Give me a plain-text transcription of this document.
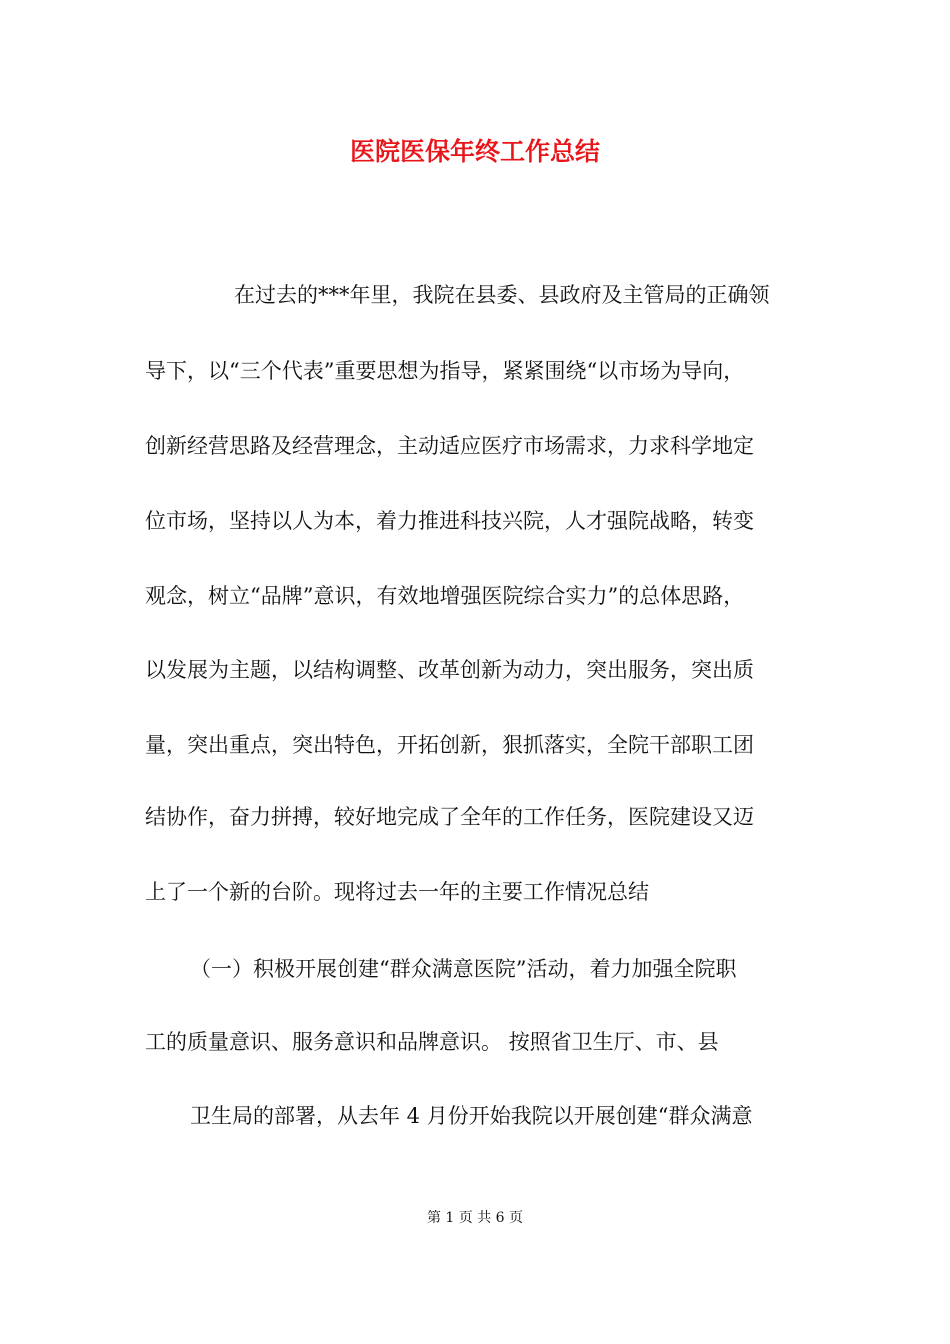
医院医保年终工作总结
在过去的***年里，我院在县委、县政府及主管局的正确领
导下，以“三个代表”重要思想为指导，紧紧围绕“以市场为导向，
创新经营思路及经营理念，主动适应医疗市场需求，力求科学地定
位市场，坚持以人为本，着力推进科技兴院，人才强院战略，转变
观念，树立“品牌”意识，有效地增强医院综合实力”的总体思路，
以发展为主题，以结构调整、改革创新为动力，突出服务，突出质
量，突出重点，突出特色，开拓创新，狠抓落实，全院干部职工团
结协作，奋力拼搏，较好地完成了全年的工作任务，医院建设又迈
上了一个新的台阶。现将过去一年的主要工作情况总结
（一）积极开展创建“群众满意医院”活动，着力加强全院职
工的质量意识、服务意识和品牌意识。 按照省卫生厅、市、县
卫生局的部署，从去年 4 月份开始我院以开展创建“群众满意
第 1 页 共 6 页
